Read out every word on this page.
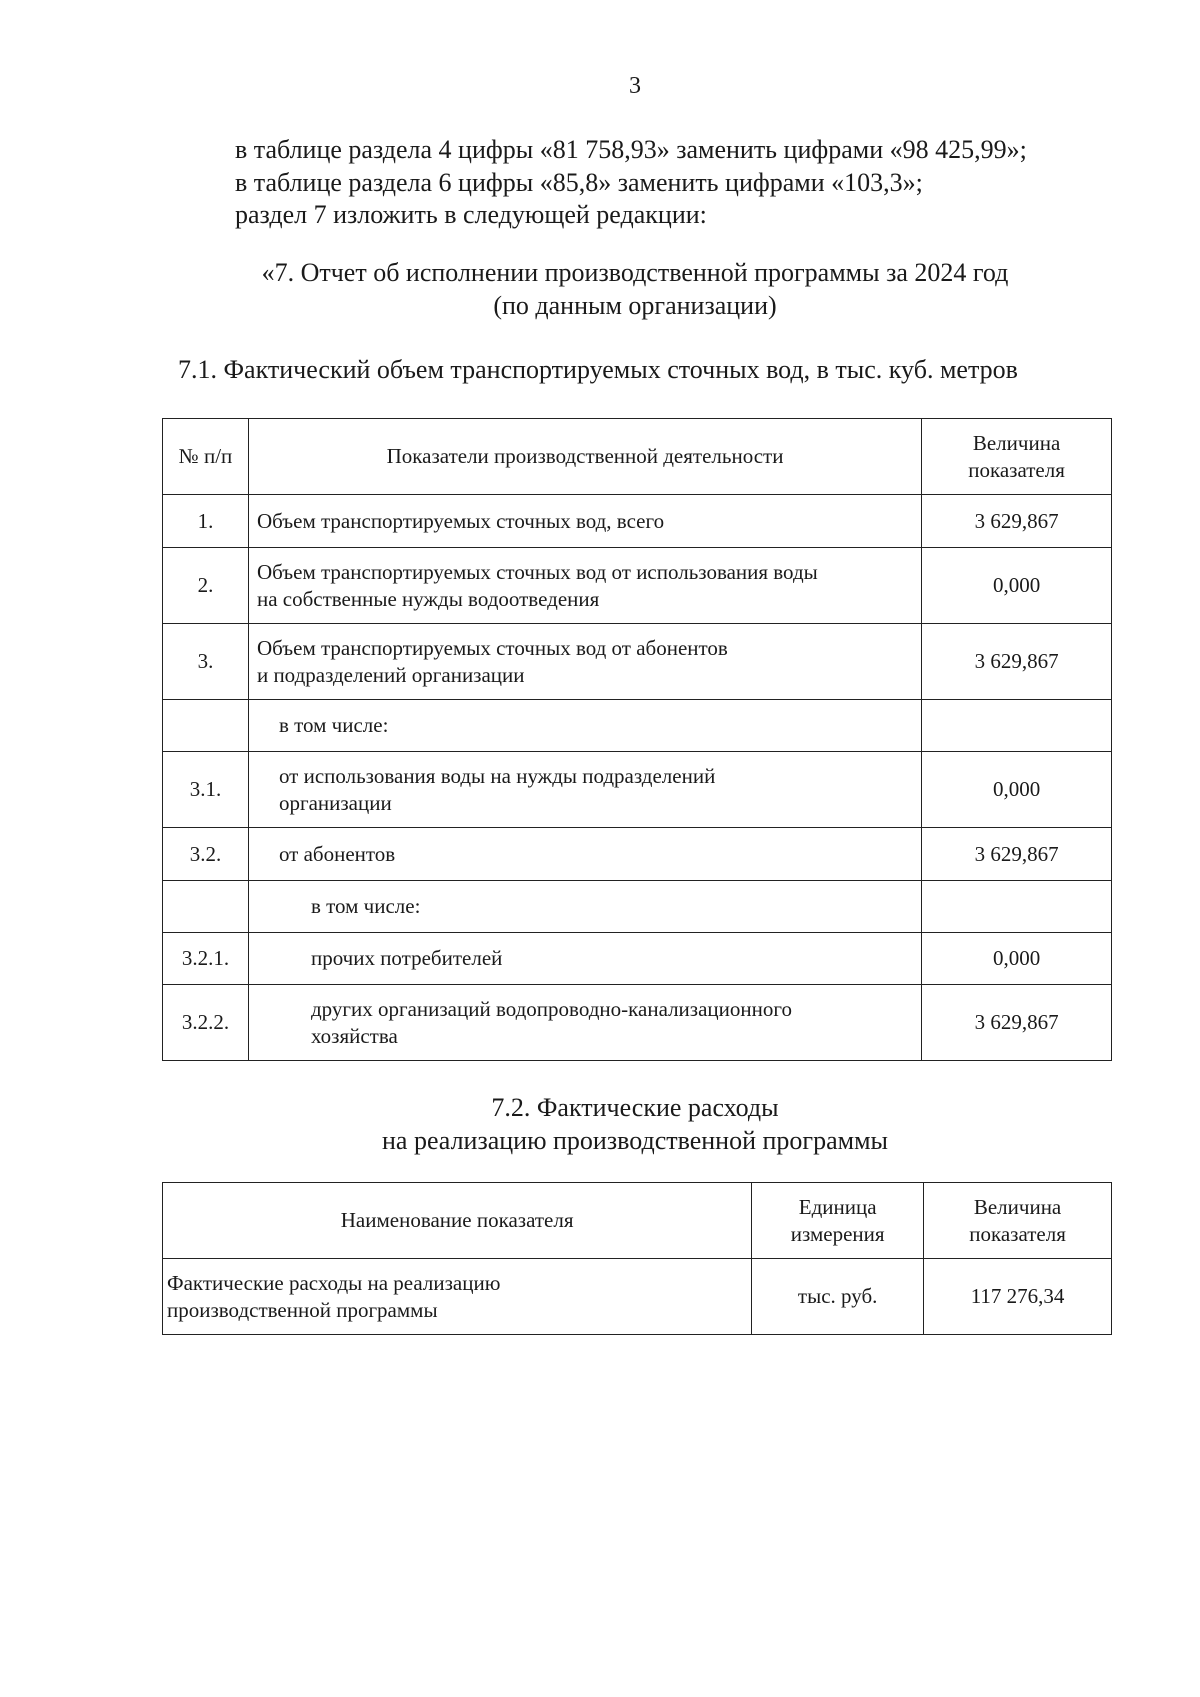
3
в таблице раздела 4 цифры «81 758,93» заменить цифрами «98 425,99»;
в таблице раздела 6 цифры «85,8» заменить цифрами «103,3»;
раздел 7 изложить в следующей редакции:
«7. Отчет об исполнении производственной программы за 2024 год
(по данным организации)
7.1. Фактический объем транспортируемых сточных вод, в тыс. куб. метров
№ п/п	Показатели производственной деятельности	Величина
показателя
1.	Объем транспортируемых сточных вод, всего	3 629,867
2.	Объем транспортируемых сточных вод от использования воды
на собственные нужды водоотведения	0,000
3.	Объем транспортируемых сточных вод от абонентов
и подразделений организации	3 629,867
	в том числе:	
3.1.	от использования воды на нужды подразделений
организации	0,000
3.2.	от абонентов	3 629,867
	в том числе:	
3.2.1.	прочих потребителей	0,000
3.2.2.	других организаций водопроводно-канализационного
хозяйства	3 629,867
7.2. Фактические расходы
на реализацию производственной программы
Наименование показателя	Единица
измерения	Величина
показателя
Фактические расходы на реализацию
производственной программы	тыс. руб.	117 276,34
